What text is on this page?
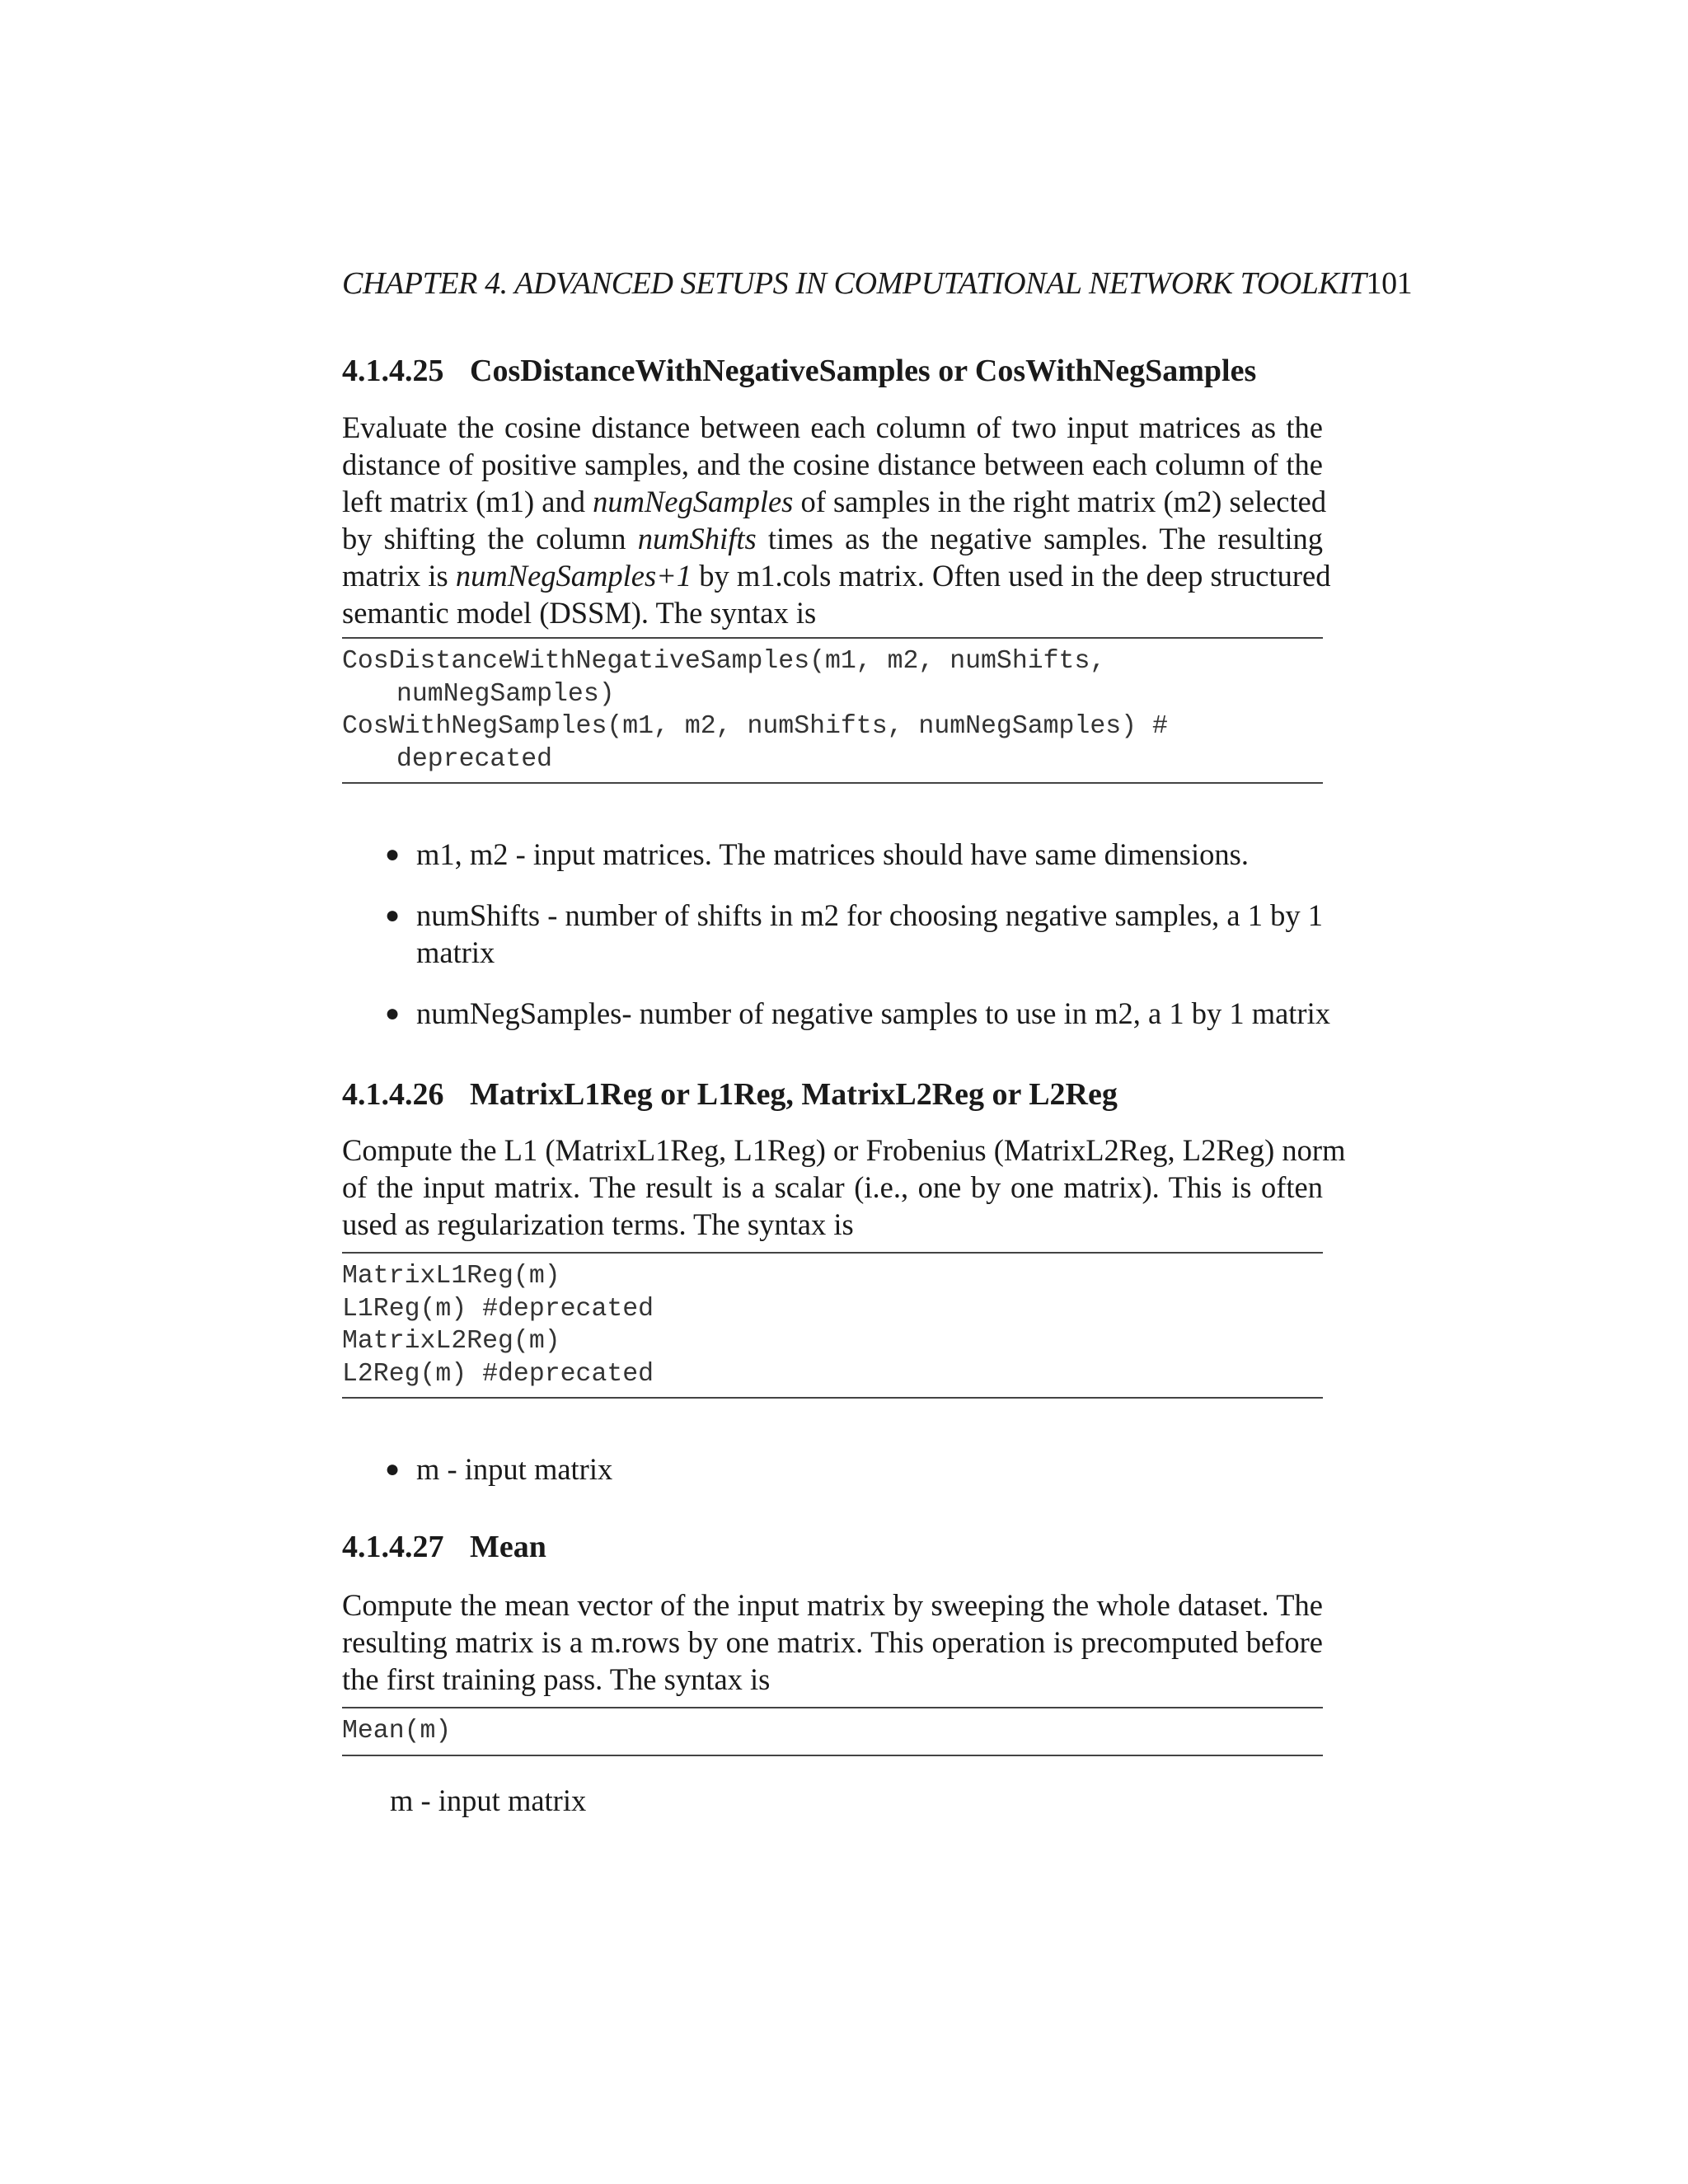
CHAPTER 4. ADVANCED SETUPS IN COMPUTATIONAL NETWORK TOOLKIT101
4.1.4.25 CosDistanceWithNegativeSamples or CosWithNegSamples
Evaluate the cosine distance between each column of two input matrices as the
distance of positive samples, and the cosine distance between each column of the
left matrix (m1) and numNegSamples of samples in the right matrix (m2) selected
by shifting the column numShifts times as the negative samples. The resulting
matrix is numNegSamples+1 by m1.cols matrix. Often used in the deep structured
semantic model (DSSM). The syntax is
CosDistanceWithNegativeSamples(m1, m2, numShifts,
numNegSamples)
CosWithNegSamples(m1, m2, numShifts, numNegSamples) #
deprecated
● m1, m2 - input matrices. The matrices should have same dimensions.
● numShifts - number of shifts in m2 for choosing negative samples, a 1 by 1
matrix
● numNegSamples- number of negative samples to use in m2, a 1 by 1 matrix
4.1.4.26 MatrixL1Reg or L1Reg, MatrixL2Reg or L2Reg
Compute the L1 (MatrixL1Reg, L1Reg) or Frobenius (MatrixL2Reg, L2Reg) norm
of the input matrix. The result is a scalar (i.e., one by one matrix). This is often
used as regularization terms. The syntax is
MatrixL1Reg(m)
L1Reg(m) #deprecated
MatrixL2Reg(m)
L2Reg(m) #deprecated
● m - input matrix
4.1.4.27 Mean
Compute the mean vector of the input matrix by sweeping the whole dataset. The
resulting matrix is a m.rows by one matrix. This operation is precomputed before
the first training pass. The syntax is
Mean(m)
m - input matrix
